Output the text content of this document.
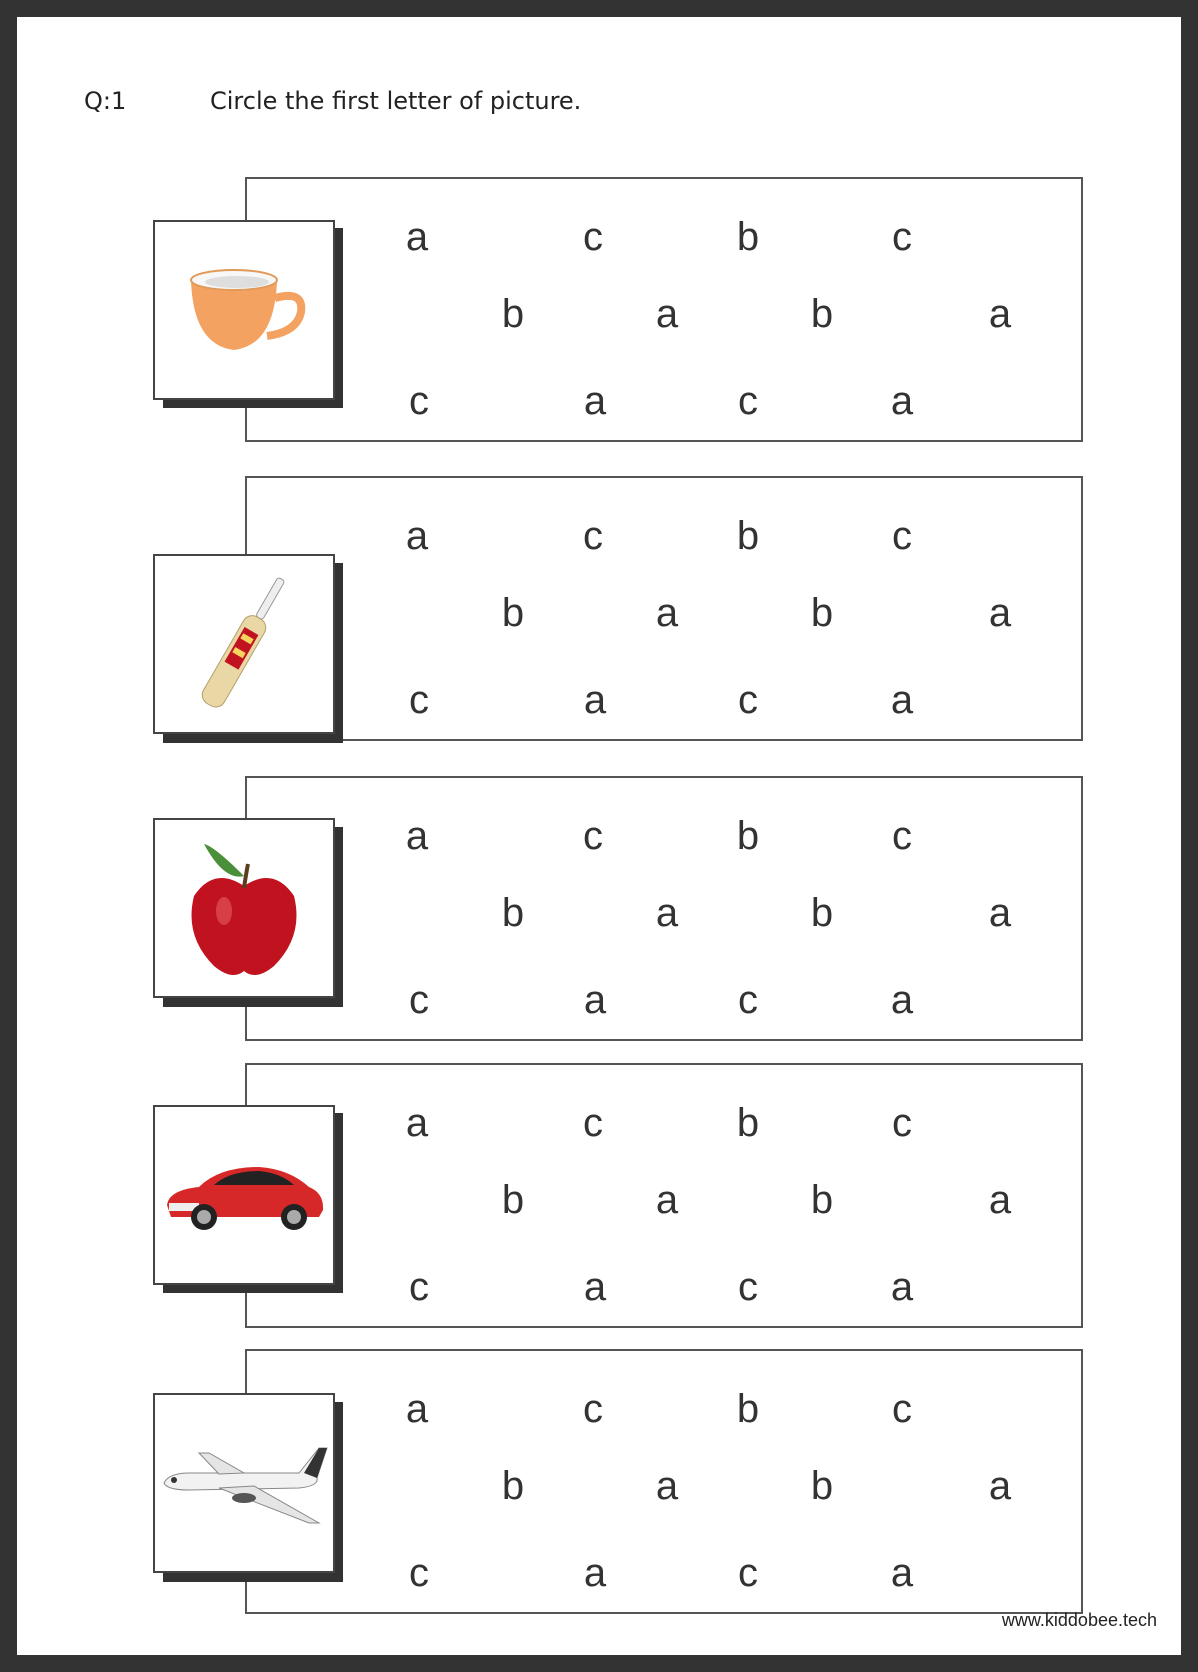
Q:1	Circle the first letter of picture.
a	c	b	c
b	a	b	a
c	a	c	a
a	c	b	c
b	a	b	a
c	a	c	a
a	c	b	c
b	a	b	a
c	a	c	a
a	c	b	c
b	a	b	a
c	a	c	a
a	c	b	c
b	a	b	a
c	a	c	a
www.kiddobee.tech
